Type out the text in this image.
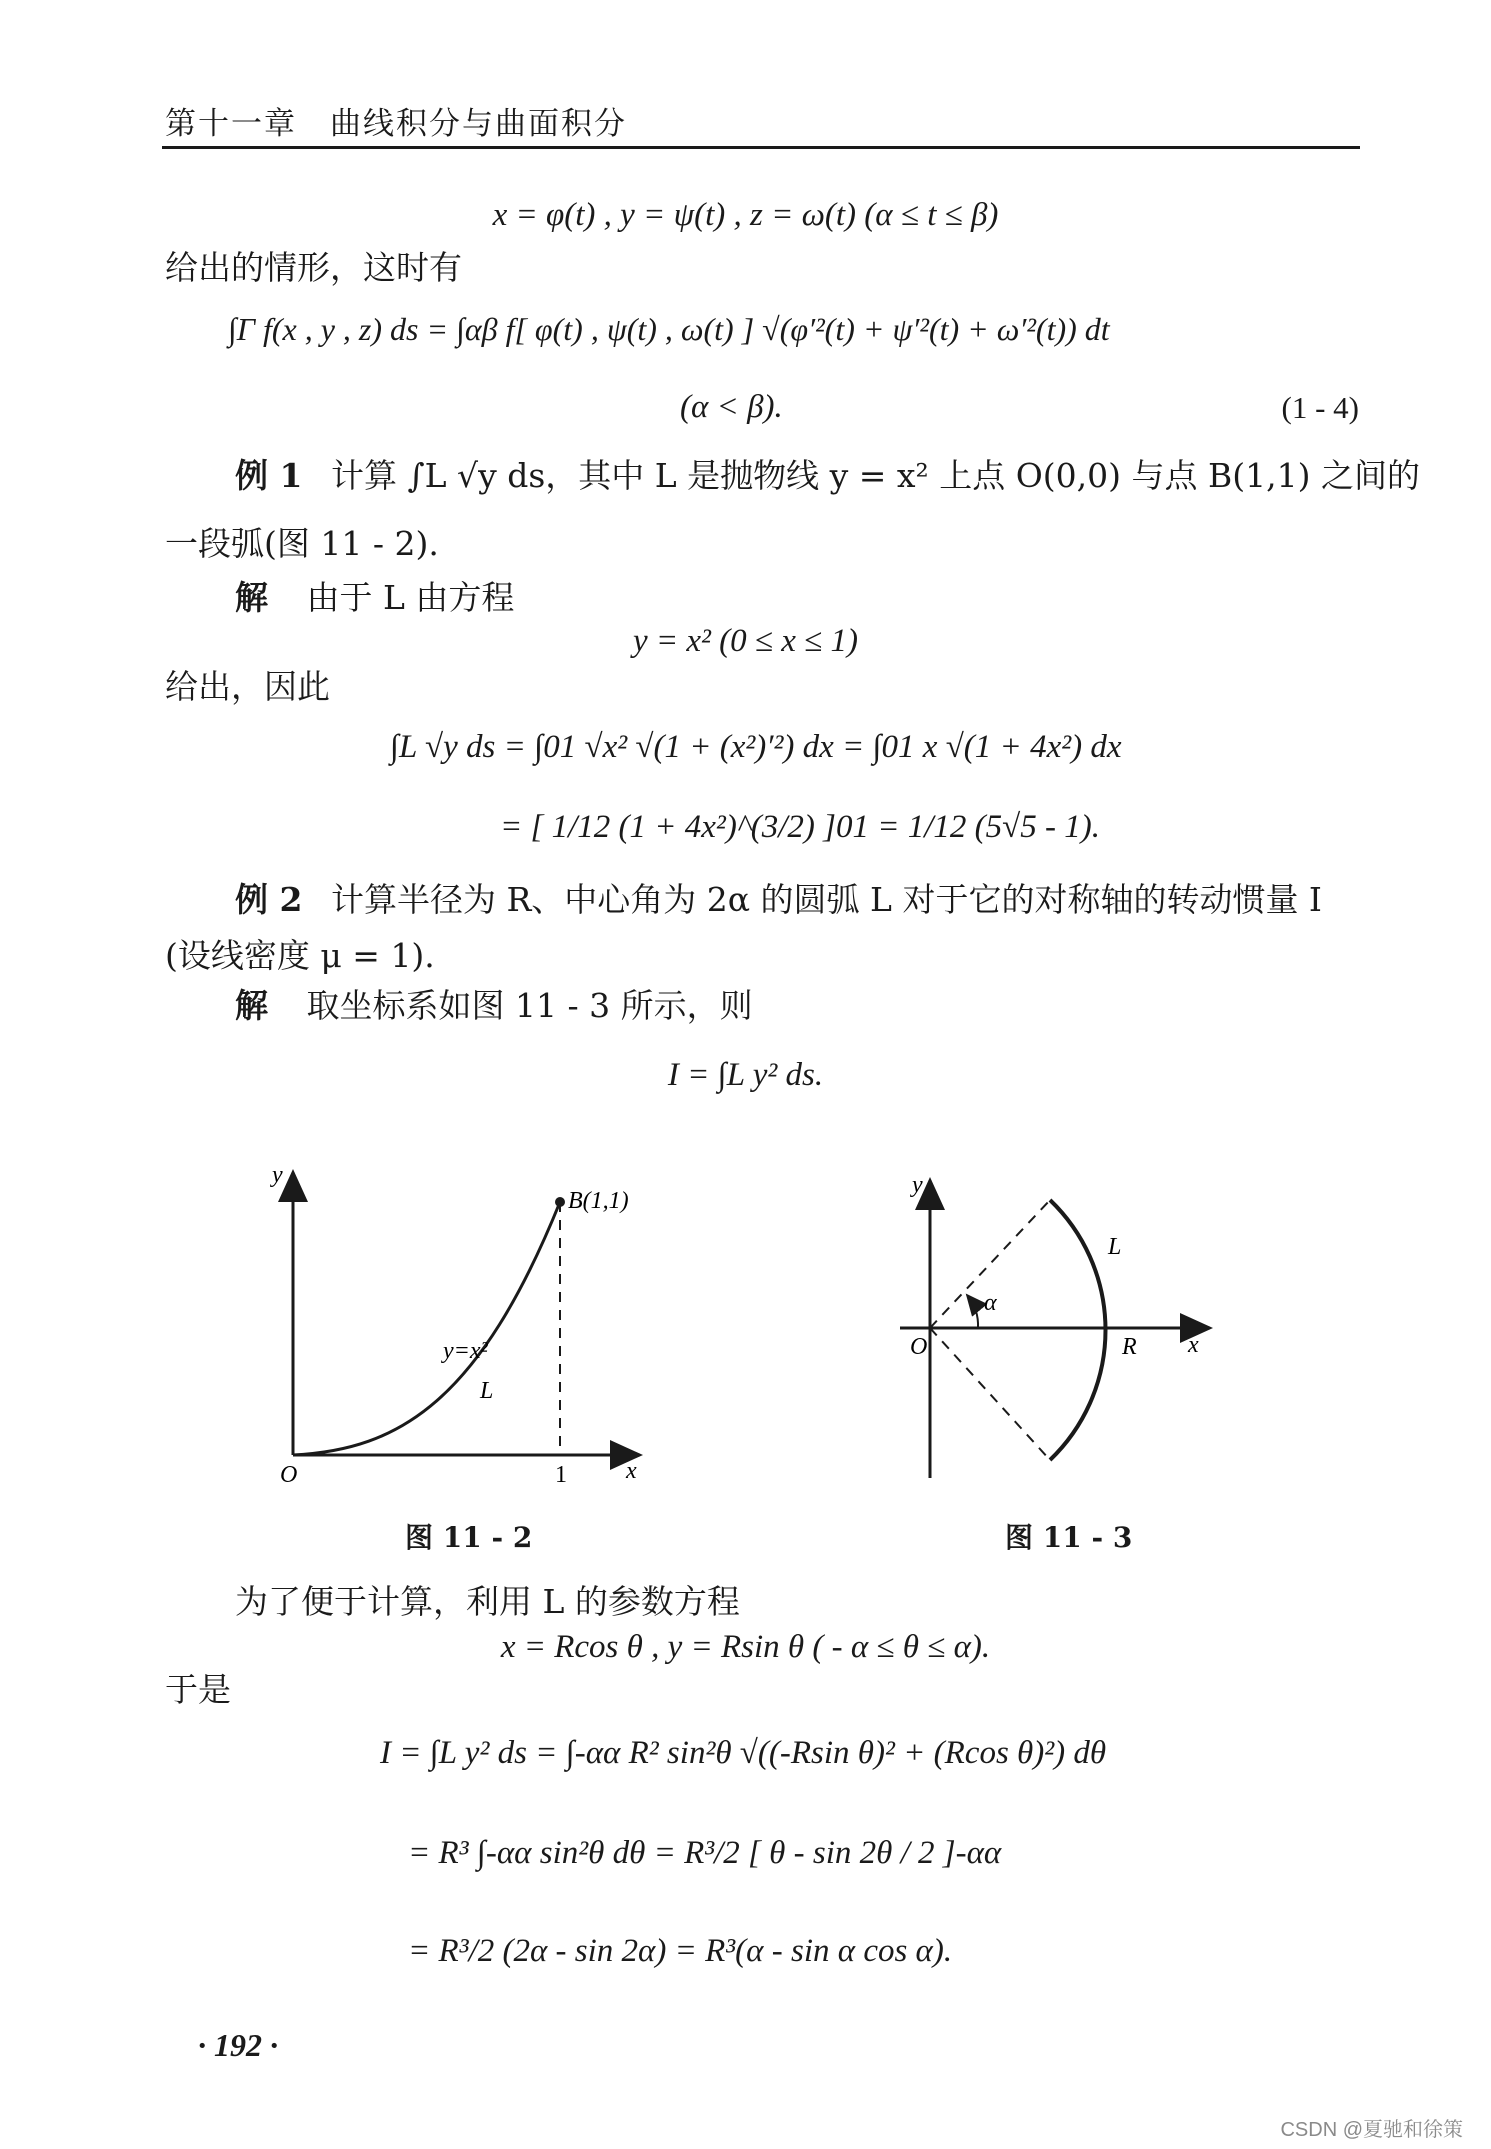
第十一章　曲线积分与曲面积分
x = φ(t) , y = ψ(t) , z = ω(t) (α ≤ t ≤ β)
给出的情形，这时有
∫Γ f(x , y , z) ds = ∫αβ f[ φ(t) , ψ(t) , ω(t) ] √(φ′²(t) + ψ′²(t) + ω′²(t)) dt
(α < β).	(1 - 4)
例 1 计算 ∫L √y ds，其中 L 是抛物线 y = x² 上点 O(0,0) 与点 B(1,1) 之间的
一段弧(图 11 - 2).
解 由于 L 由方程
y = x² (0 ≤ x ≤ 1)
给出，因此
∫L √y ds = ∫01 √x² √(1 + (x²)′²) dx = ∫01 x √(1 + 4x²) dx
= [ 1/12 (1 + 4x²)^(3/2) ]01 = 1/12 (5√5 - 1).
例 2 计算半径为 R、中心角为 2α 的圆弧 L 对于它的对称轴的转动惯量 I
(设线密度 μ = 1).
解 取坐标系如图 11 - 3 所示，则
I = ∫L y² ds.
y
x
O	1
B(1,1)
y=x²
L
图 11 - 2
y
x
O	R
L
α
图 11 - 3
为了便于计算，利用 L 的参数方程
x = Rcos θ , y = Rsin θ ( - α ≤ θ ≤ α).
于是
I = ∫L y² ds = ∫-αα R² sin²θ √((-Rsin θ)² + (Rcos θ)²) dθ
= R³ ∫-αα sin²θ dθ = R³/2 [ θ - sin 2θ / 2 ]-αα
= R³/2 (2α - sin 2α) = R³(α - sin α cos α).
· 192 ·
CSDN @夏驰和徐策
